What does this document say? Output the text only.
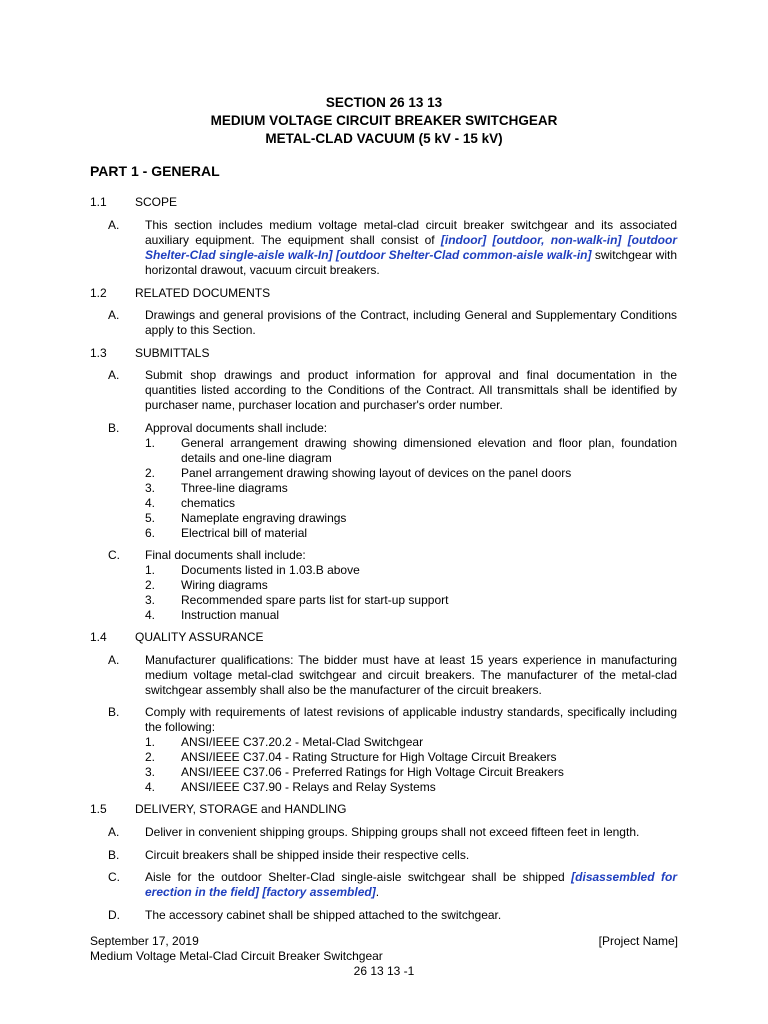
SECTION 26 13 13
MEDIUM VOLTAGE CIRCUIT BREAKER SWITCHGEAR
METAL-CLAD VACUUM (5 kV - 15 kV)
PART 1 - GENERAL
1.1 SCOPE
A. This section includes medium voltage metal-clad circuit breaker switchgear and its associated auxiliary equipment. The equipment shall consist of [indoor] [outdoor, non-walk-in] [outdoor Shelter-Clad single-aisle walk-In] [outdoor Shelter-Clad common-aisle walk-in] switchgear with horizontal drawout, vacuum circuit breakers.
1.2 RELATED DOCUMENTS
A. Drawings and general provisions of the Contract, including General and Supplementary Conditions apply to this Section.
1.3 SUBMITTALS
A. Submit shop drawings and product information for approval and final documentation in the quantities listed according to the Conditions of the Contract. All transmittals shall be identified by purchaser name, purchaser location and purchaser's order number.
B. Approval documents shall include:
1. General arrangement drawing showing dimensioned elevation and floor plan, foundation details and one-line diagram
2. Panel arrangement drawing showing layout of devices on the panel doors
3. Three-line diagrams
4. chematics
5. Nameplate engraving drawings
6. Electrical bill of material
C. Final documents shall include:
1. Documents listed in 1.03.B above
2. Wiring diagrams
3. Recommended spare parts list for start-up support
4. Instruction manual
1.4 QUALITY ASSURANCE
A. Manufacturer qualifications: The bidder must have at least 15 years experience in manufacturing medium voltage metal-clad switchgear and circuit breakers. The manufacturer of the metal-clad switchgear assembly shall also be the manufacturer of the circuit breakers.
B. Comply with requirements of latest revisions of applicable industry standards, specifically including the following:
1. ANSI/IEEE C37.20.2 - Metal-Clad Switchgear
2. ANSI/IEEE C37.04 - Rating Structure for High Voltage Circuit Breakers
3. ANSI/IEEE C37.06 - Preferred Ratings for High Voltage Circuit Breakers
4. ANSI/IEEE C37.90 - Relays and Relay Systems
1.5 DELIVERY, STORAGE and HANDLING
A. Deliver in convenient shipping groups. Shipping groups shall not exceed fifteen feet in length.
B. Circuit breakers shall be shipped inside their respective cells.
C. Aisle for the outdoor Shelter-Clad single-aisle switchgear shall be shipped [disassembled for erection in the field] [factory assembled].
D. The accessory cabinet shall be shipped attached to the switchgear.
September 17, 2019	[Project Name]
Medium Voltage Metal-Clad Circuit Breaker Switchgear
26 13 13 -1
